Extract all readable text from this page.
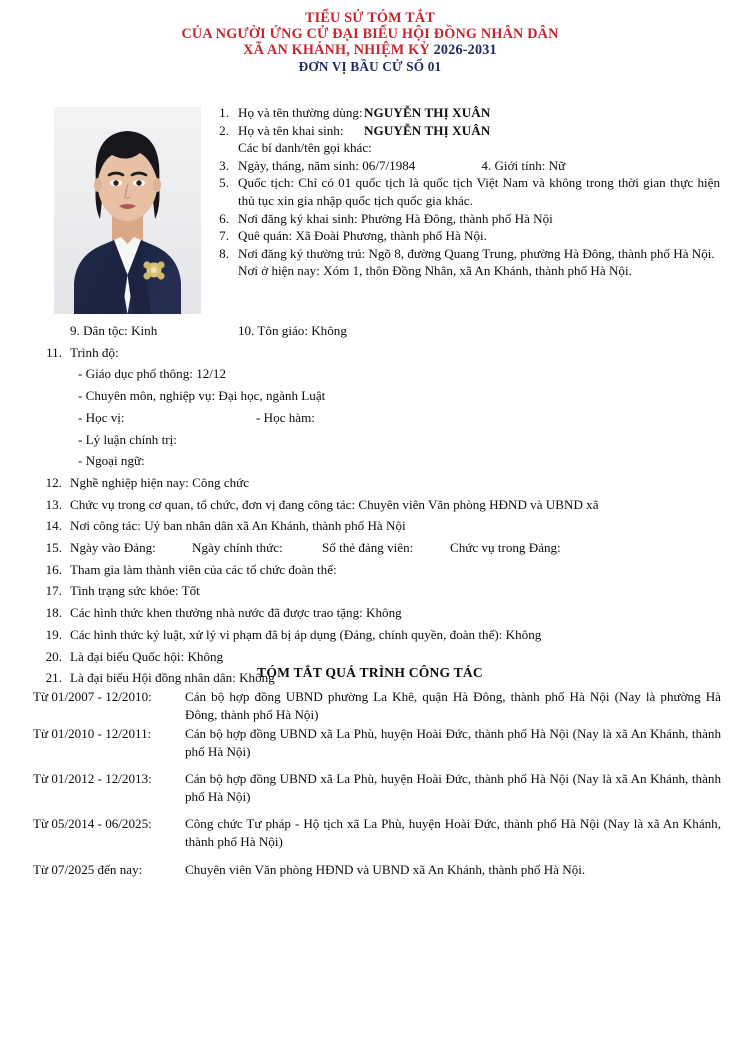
TIỂU SỬ TÓM TẮT
CỦA NGƯỜI ỨNG CỬ ĐẠI BIỂU HỘI ĐỒNG NHÂN DÂN
XÃ AN KHÁNH, NHIỆM KỲ 2026-2031
ĐƠN VỊ BẦU CỬ SỐ 01
1. Họ và tên thường dùng:NGUYỄN THỊ XUÂN
2. Họ và tên khai sinh: NGUYỄN THỊ XUÂN
Các bí danh/tên gọi khác:
3. Ngày, tháng, năm sinh: 06/7/1984	4. Giới tính: Nữ
5. Quốc tịch: Chỉ có 01 quốc tịch là quốc tịch Việt Nam và không trong thời gian thực hiện thủ tục xin gia nhập quốc tịch quốc gia khác.
6. Nơi đăng ký khai sinh: Phường Hà Đông, thành phố Hà Nội
7. Quê quán: Xã Đoài Phương, thành phố Hà Nội.
8. Nơi đăng ký thường trú: Ngõ 8, đường Quang Trung, phường Hà Đông, thành phố Hà Nội.
Nơi ở hiện nay: Xóm 1, thôn Đồng Nhân, xã An Khánh, thành phố Hà Nội.
9. Dân tộc: Kinh	10. Tôn giáo: Không
11. Trình độ:
- Giáo dục phổ thông: 12/12
- Chuyên môn, nghiệp vụ: Đại học, ngành Luật
- Học vị:	- Học hàm:
- Lý luận chính trị:
- Ngoại ngữ:
12. Nghề nghiệp hiện nay: Công chức
13. Chức vụ trong cơ quan, tổ chức, đơn vị đang công tác: Chuyên viên Văn phòng HĐND và UBND xã
14. Nơi công tác: Uỷ ban nhân dân xã An Khánh, thành phố Hà Nội
15. Ngày vào Đảng:	Ngày chính thức:	Số thẻ đảng viên:	Chức vụ trong Đảng:
16. Tham gia làm thành viên của các tổ chức đoàn thể:
17. Tình trạng sức khỏe: Tốt
18. Các hình thức khen thưởng nhà nước đã được trao tặng: Không
19. Các hình thức kỷ luật, xử lý vi phạm đã bị áp dụng (Đảng, chính quyền, đoàn thể): Không
20. Là đại biểu Quốc hội: Không
21. Là đại biểu Hội đồng nhân dân: Không
TÓM TẮT QUÁ TRÌNH CÔNG TÁC
Từ 01/2007 - 12/2010:	Cán bộ hợp đồng UBND phường La Khê, quận Hà Đông, thành phố Hà Nội (Nay là phường Hà Đông, thành phố Hà Nội)
Từ 01/2010 - 12/2011:	Cán bộ hợp đồng UBND xã La Phù, huyện Hoài Đức, thành phố Hà Nội (Nay là xã An Khánh, thành phố Hà Nội)
Từ 01/2012 - 12/2013:	Cán bộ hợp đồng UBND xã La Phù, huyện Hoài Đức, thành phố Hà Nội (Nay là xã An Khánh, thành phố Hà Nội)
Từ 05/2014 - 06/2025:	Công chức Tư pháp - Hộ tịch xã La Phù, huyện Hoài Đức, thành phố Hà Nội (Nay là xã An Khánh, thành phố Hà Nội)
Từ 07/2025 đến nay:	Chuyên viên Văn phòng HĐND và UBND xã An Khánh, thành phố Hà Nội.
